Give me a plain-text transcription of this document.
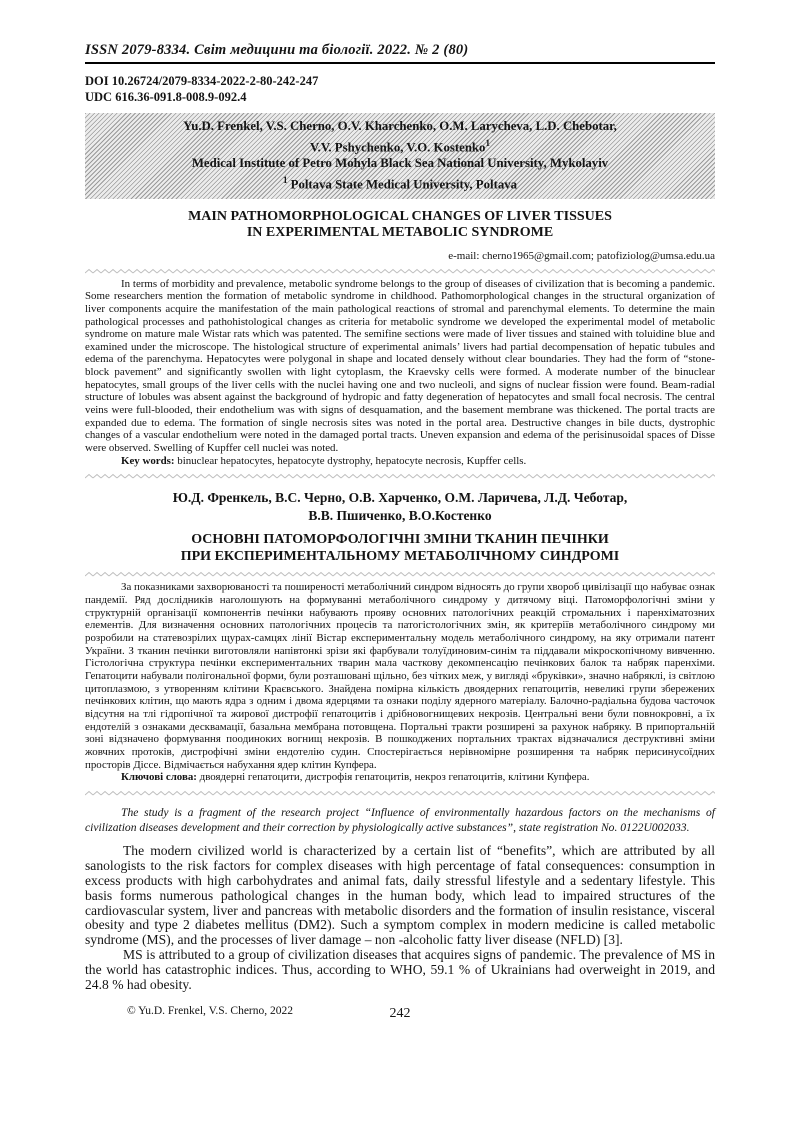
ISSN 2079-8334. Світ медицини та біології. 2022. № 2 (80)
DOI 10.26724/2079-8334-2022-2-80-242-247
UDC 616.36-091.8-008.9-092.4
Yu.D. Frenkel, V.S. Cherno, O.V. Kharchenko, O.M. Larycheva, L.D. Chebotar,
V.V. Pshychenko, V.O. Kostenko$^1$
Medical Institute of Petro Mohyla Black Sea National University, Mykolayiv
$^1$ Poltava State Medical University, Poltava
MAIN PATHOMORPHOLOGICAL CHANGES OF LIVER TISSUES
IN EXPERIMENTAL METABOLIC SYNDROME
e-mail: cherno1965@gmail.com; patofiziolog@umsa.edu.ua

In terms of morbidity and prevalence, metabolic syndrome belongs to the group of diseases of civilization that is becoming a pandemic. Some researchers mention the formation of metabolic syndrome in childhood. Pathomorphological changes in the structural organization of liver components acquire the manifestation of the main pathological reactions of stromal and parenchymal elements. To determine the main pathological processes and pathohistological changes as criteria for metabolic syndrome we developed the experimental model of metabolic syndrome on mature male Wistar rats which was patented. The semifine sections were made of liver tissues and stained with toluidine blue and examined under the microscope. The histological structure of experimental animals’ livers had partial decompensation of hepatic tubules and edema of the parenchyma. Hepatocytes were polygonal in shape and located densely without clear boundaries. They had the form of “stone-block pavement” and significantly swollen with light cytoplasm, the Kraevsky cells were formed. A moderate number of the binuclear hepatocytes, small groups of the liver cells with the nuclei having one and two nucleoli, and signs of nuclear fission were found. Beam-radial structure of lobules was absent against the background of hydropic and fatty degeneration of hepatocytes and small focal necrosis. The central veins were full-blooded, their endothelium was with signs of desquamation, and the basement membrane was thickened. The portal tracts are expanded due to edema. The formation of single necrosis sites was noted in the portal area. Destructive changes in bile ducts, dystrophic changes of a vascular endothelium were noted in the damaged portal tracts. Uneven expansion and edema of the perisinusoidal spaces of Disse were observed. Swelling of Kupffer cell nuclei was noted.

Key words: binuclear hepatocytes, hepatocyte dystrophy, hepatocyte necrosis, Kupffer cells.

Ю.Д. Френкель, В.С. Черно, О.В. Харченко, О.М. Ларичева, Л.Д. Чеботар,
В.В. Пшиченко, В.О.Костенко
ОСНОВНІ ПАТОМОРФОЛОГІЧНІ ЗМІНИ ТКАНИН ПЕЧІНКИ
ПРИ ЕКСПЕРИМЕНТАЛЬНОМУ МЕТАБОЛІЧНОМУ СИНДРОМІ

За показниками захворюваності та поширеності метаболічний синдром відносять до групи хвороб цивілізації що набуває ознак пандемії. Ряд дослідників наголошують на формуванні метаболічного синдрому у дитячому віці. Патоморфологічні зміни у структурній організації компонентів печінки набувають прояву основних патологічних реакцій стромальних і паренхіматозних елементів. Для визначення основних патологічних процесів та патогістологічних змін, як критеріїв метаболічного синдрому ми розробили на статевозрілих щурах-самцях лінії Вістар експериментальну модель метаболічного синдрому, на яку отримали патент України. З тканин печінки виготовляли напівтонкі зрізи які фарбували толуїдиновим-синім та піддавали мікроскопічному вивченню. Гістологічна структура печінки експериментальних тварин мала часткову декомпенсацію печінкових балок та набряк паренхіми. Гепатоцити набували полігональної форми, були розташовані щільно, без чітких меж, у вигляді «бруківки», значно набряклі, із світлою цитоплазмою, з утворенням клітини Краєвського. Знайдена помірна кількість двоядерних гепатоцитів, невеликі групи збережених печінкових клітин, що мають ядра з одним і двома ядерцями та ознаки поділу ядерного матеріалу. Балочно-радіальна будова часточок відсутня на тлі гідропічної та жирової дистрофії гепатоцитів і дрібновогнищевих некрозів. Центральні вени були повнокровні, а їх ендотелій з ознаками десквамації, базальна мембрана потовщена. Портальні тракти розширені за рахунок набряку. В припортальній зоні відзначено формування поодиноких вогнищ некрозів. В пошкоджених портальних трактах відзначалися деструктивні зміни жовчних протоків, дистрофічні зміни ендотелію судин. Спостерігається нерівномірне розширення та набряк перисинусоїдних просторів Діссе. Відмічається набухання ядер клітин Купфера.

Ключові слова: двоядерні гепатоцити, дистрофія гепатоцитів, некроз гепатоцитів, клітини Купфера.

The study is a fragment of the research project “Influence of environmentally hazardous factors on the mechanisms of civilization diseases development and their correction by physiologically active substances”, state registration No. 0122U002033.

The modern civilized world is characterized by a certain list of “benefits”, which are attributed by all sanologists to the risk factors for complex diseases with high percentage of fatal consequences: consumption in excess products with high carbohydrates and animal fats, daily stressful lifestyle and a sedentary lifestyle. This basis forms numerous pathological changes in the human body, which lead to impaired structures of the cardiovascular system, liver and pancreas with metabolic disorders and the formation of insulin resistance, visceral obesity and type 2 diabetes mellitus (DM2). Such a symptom complex in modern medicine is called metabolic syndrome (MS), and the processes of liver damage – non -alcoholic fatty liver disease (NFLD) [3].

MS is attributed to a group of civilization diseases that acquires signs of pandemic. The prevalence of MS in the world has catastrophic indices. Thus, according to WHO, 59.1 % of Ukrainians had overweight in 2019, and 24.8 % had obesity.

© Yu.D. Frenkel, V.S. Cherno, 2022	242
